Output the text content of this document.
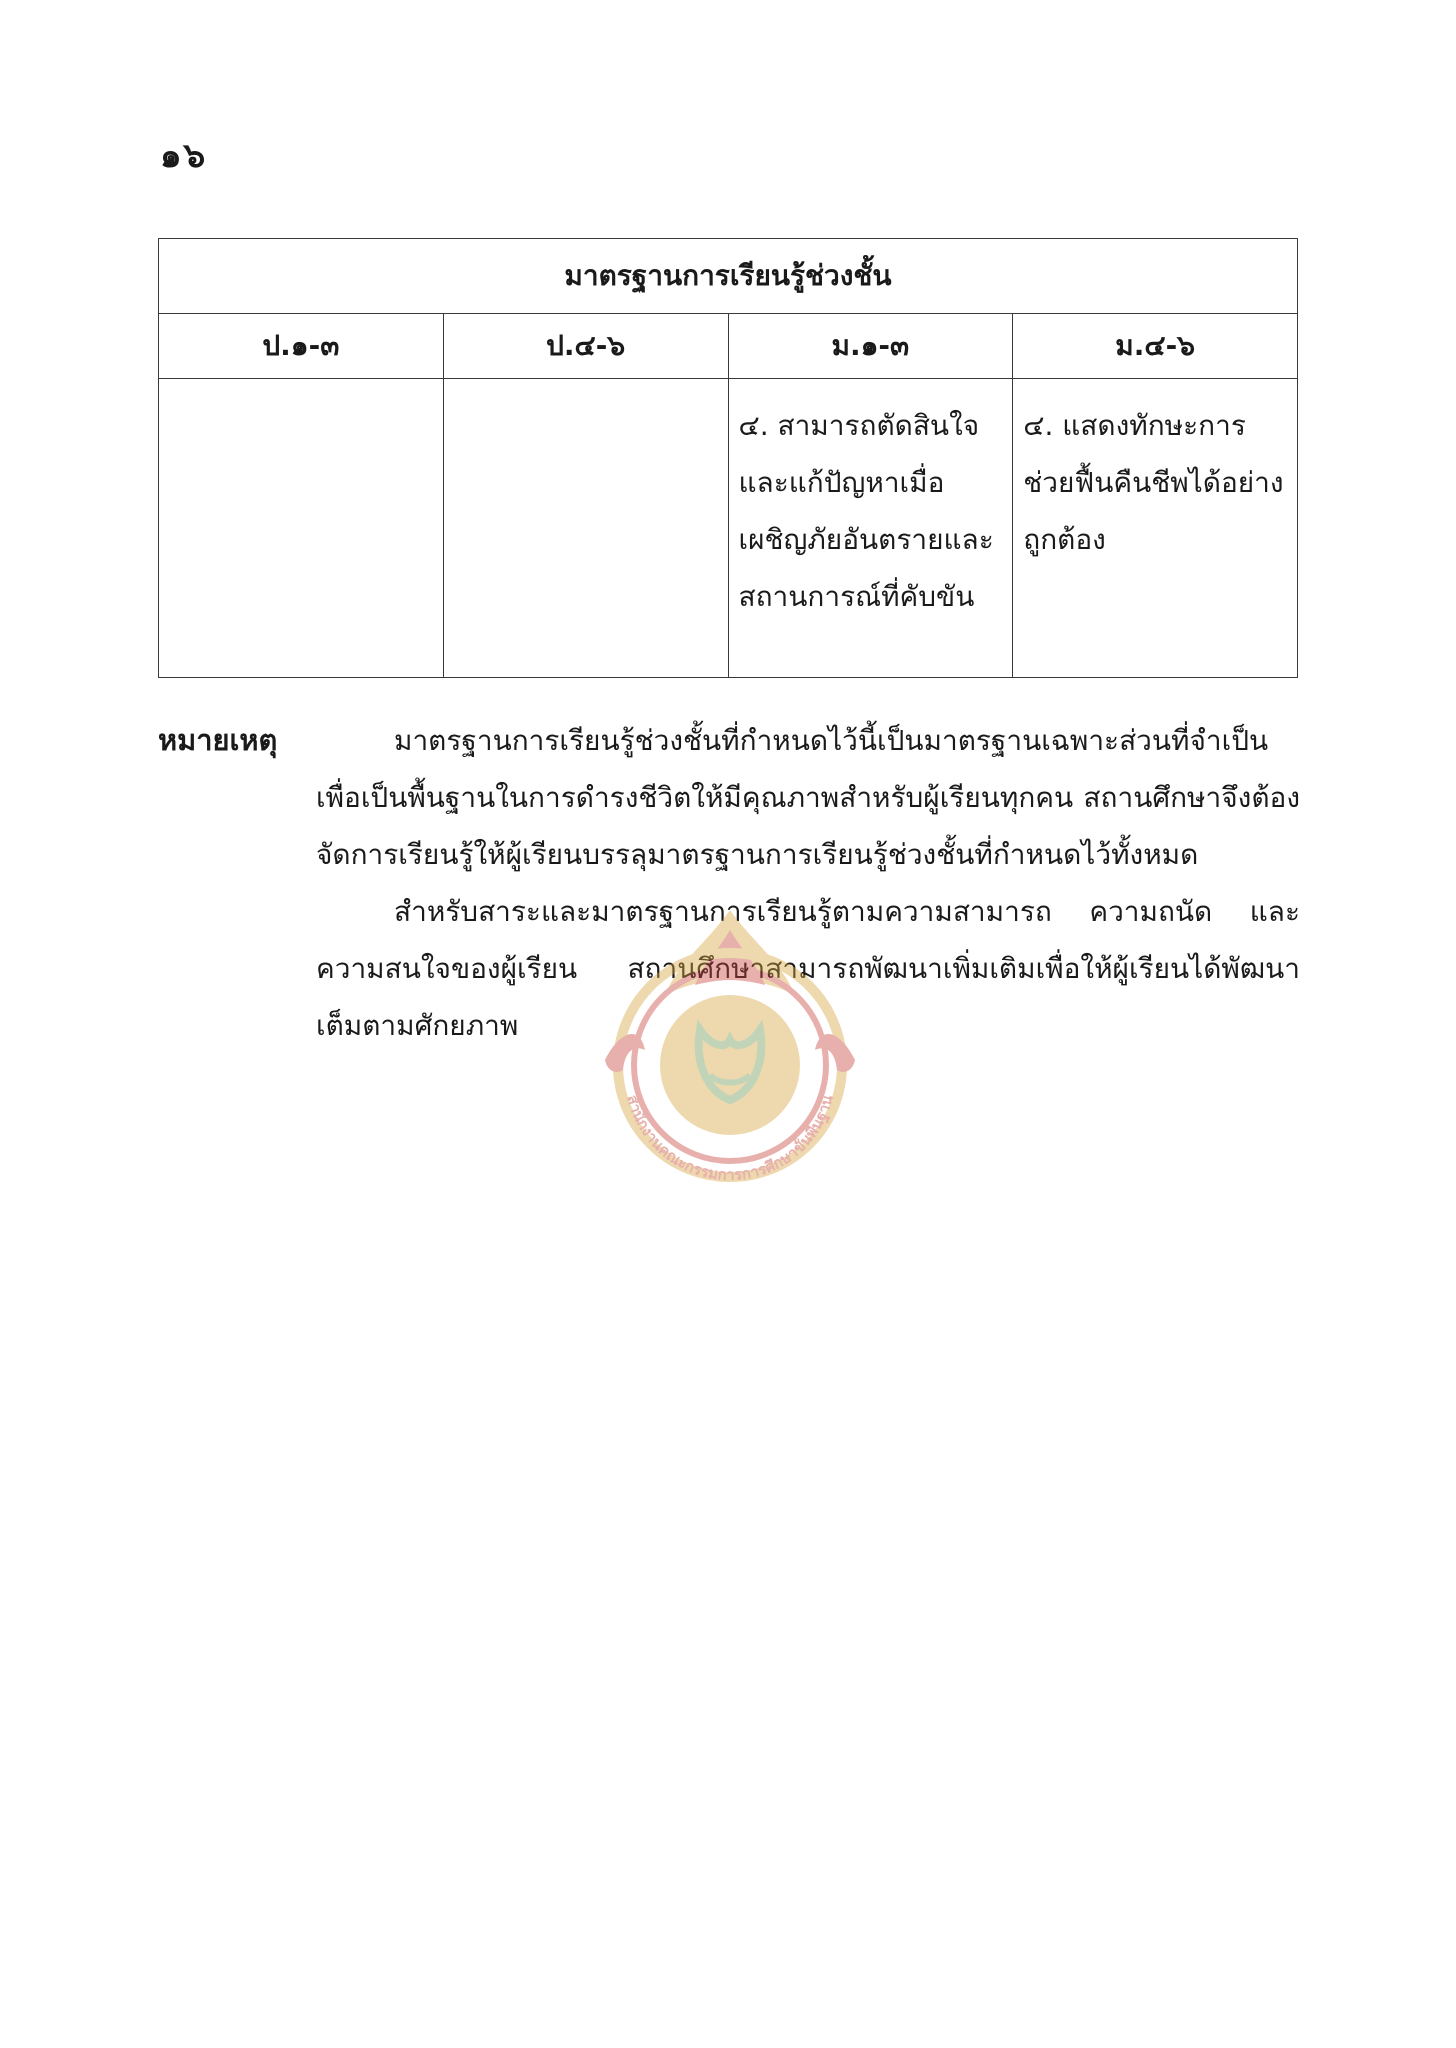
๑๖
มาตรฐานการเรียนรู้ช่วงชั้น			
ป.๑-๓	ป.๔-๖	ม.๑-๓	ม.๔-๖
		๔. สามารถตัดสินใจและแก้ปัญหาเมื่อเผชิญภัยอันตรายและสถานการณ์ที่คับขัน	๔. แสดงทักษะการช่วยฟื้นคืนชีพได้อย่างถูกต้อง
หมายเหตุ	มาตรฐานการเรียนรู้ช่วงชั้นที่กำหนดไว้นี้เป็นมาตรฐานเฉพาะส่วนที่จำเป็นเพื่อเป็นพื้นฐานในการดำรงชีวิตให้มีคุณภาพสำหรับผู้เรียนทุกคน สถานศึกษาจึงต้องจัดการเรียนรู้ให้ผู้เรียนบรรลุมาตรฐานการเรียนรู้ช่วงชั้นที่กำหนดไว้ทั้งหมด

สำหรับสาระและมาตรฐานการเรียนรู้ตามความสามารถ ความถนัด และความสนใจของผู้เรียน สถานศึกษาสามารถพัฒนาเพิ่มเติมเพื่อให้ผู้เรียนได้พัฒนาเต็มตามศักยภาพ

สำนักงานคณะกรรมการการศึกษาขั้นพื้นฐาน
